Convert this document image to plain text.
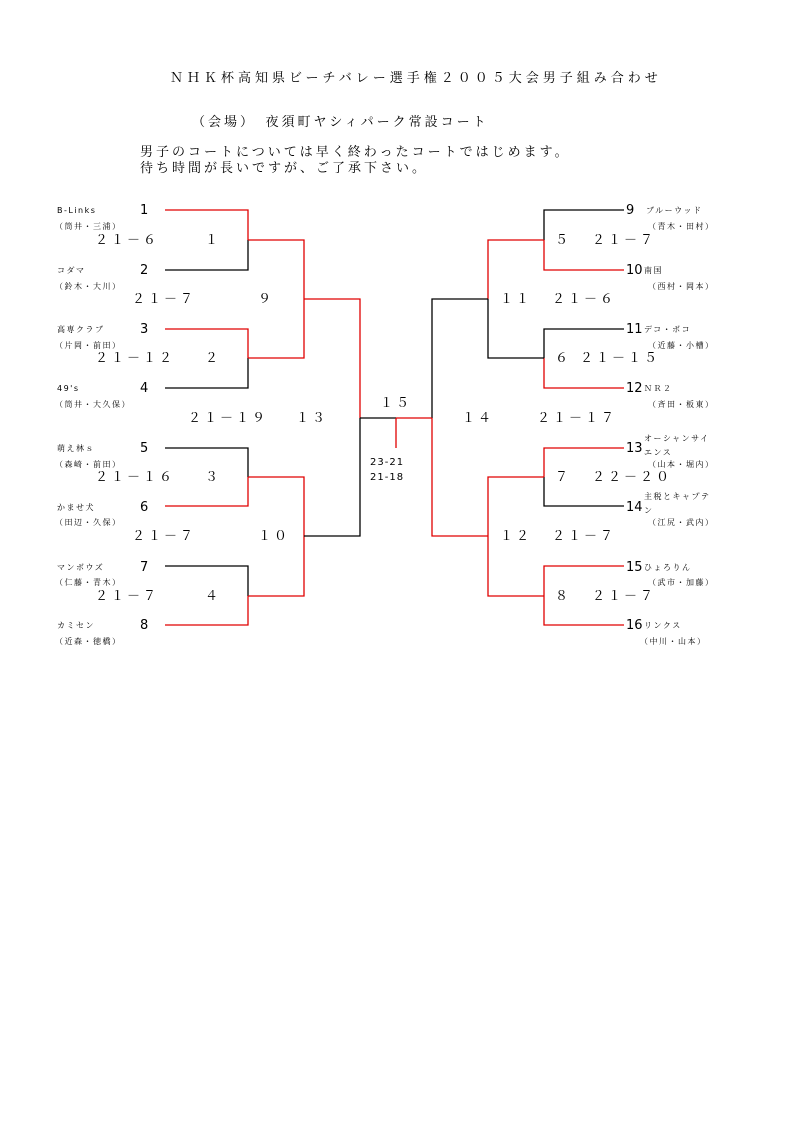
ＮＨＫ杯高知県ビーチバレー選手権２００５大会男子組み合わせ
（会場）　夜須町ヤシィパーク常設コート
男子のコートについては早く終わったコートではじめます。
待ち時間が長いですが、ご了承下さい。
B-Links	1
（筒井・三浦）
コダマ	2
（鈴木・大川）
高専クラブ	3
（片岡・前田）
49's	4
（筒井・大久保）
萌え林ｓ	5
（森崎・前田）
かませ犬	6
（田辺・久保）
マンボウズ	7
（仁藤・青木）
カミセン	8
（近森・徳橋）
２１－６	１
２１－１２ ２
２１－１６ ３
２１－７	４
２１－７	９
２１－７	１０
２１－１９ １３
１５
23-21
21-18
9 ブルーウッド
（青木・田村）
10 南国
（西村・岡本）
11 デコ・ボコ
（近藤・小槽）
12 ＮＲ２
（斉田・板東）
13
オーシャンサイエンス
（山本・堀内）
14
主税とキャプテン
（江尻・武内）
15 ひょろりん
（武市・加藤）
16 リンクス
（中川・山本）
５ ２１－７
６ ２１－１５
７ ２２－２０
８ ２１－７
１１ ２１－６
１２ ２１－７
１４	２１－１７
